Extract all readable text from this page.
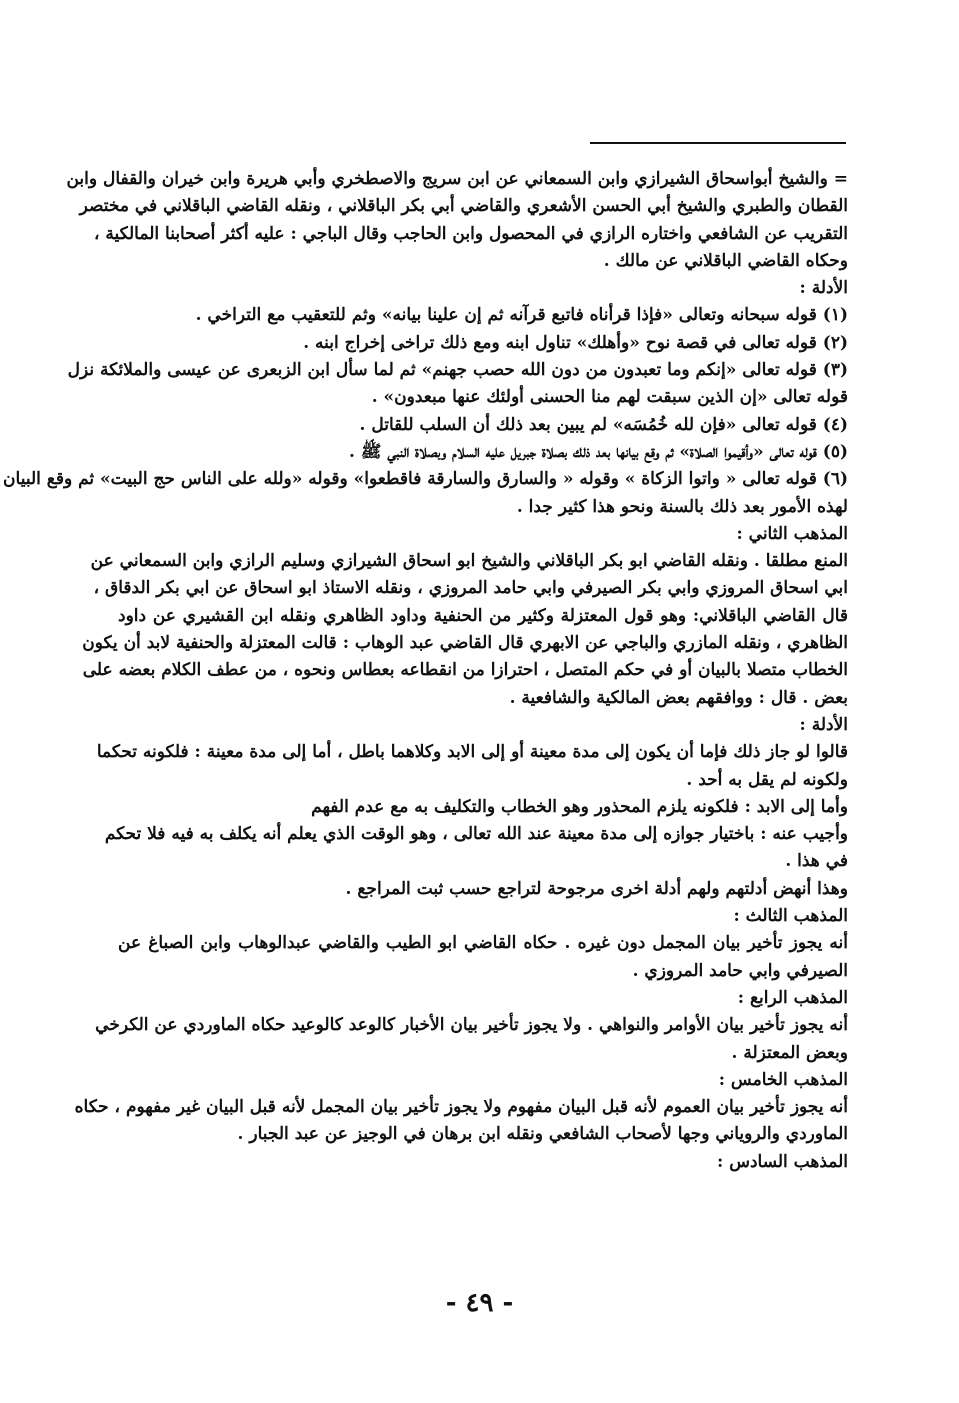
= والشيخ أبواسحاق الشيرازي وابن السمعاني عن ابن سريج والاصطخري وأبي هريرة وابن خيران والقفال وابن
القطان والطبري والشيخ أبي الحسن الأشعري والقاضي أبي بكر الباقلاني ، ونقله القاضي الباقلاني في مختصر
التقريب عن الشافعي واختاره الرازي في المحصول وابن الحاجب وقال الباجي : عليه أكثر أصحابنا المالكية ،
وحكاه القاضي الباقلاني عن مالك .
الأدلة :
(١) قوله سبحانه وتعالى «فإذا قرأناه فاتبع قرآنه ثم إن علينا بيانه» وثم للتعقيب مع التراخي .
(٢) قوله تعالى في قصة نوح «وأهلك» تناول ابنه ومع ذلك تراخى إخراج ابنه .
(٣) قوله تعالى «إنكم وما تعبدون من دون الله حصب جهنم» ثم لما سأل ابن الزبعرى عن عيسى والملائكة نزل
قوله تعالى «إن الذين سبقت لهم منا الحسنى أولئك عنها مبعدون» .
(٤) قوله تعالى «فإن لله خُمُسَه» لم يبين بعد ذلك أن السلب للقاتل .
(٥) قوله تعالى «وأقيموا الصلاة» ثم وقع بيانها بعد ذلك بصلاة جبريل عليه السلام وبصلاة النبي ﷺ .
(٦) قوله تعالى « واتوا الزكاة » وقوله « والسارق والسارقة فاقطعوا» وقوله «ولله على الناس حج البيت» ثم وقع البيان
لهذه الأمور بعد ذلك بالسنة ونحو هذا كثير جدا .
المذهب الثاني :
المنع مطلقا . ونقله القاضي ابو بكر الباقلاني والشيخ ابو اسحاق الشيرازي وسليم الرازي وابن السمعاني عن
ابي اسحاق المروزي وابي بكر الصيرفي وابي حامد المروزي ، ونقله الاستاذ ابو اسحاق عن ابي بكر الدقاق ،
قال القاضي الباقلاني: وهو قول المعتزلة وكثير من الحنفية وداود الظاهري ونقله ابن القشيري عن داود
الظاهري ، ونقله المازري والباجي عن الابهري قال القاضي عبد الوهاب : قالت المعتزلة والحنفية لابد أن يكون
الخطاب متصلا بالبيان أو في حكم المتصل ، احترازا من انقطاعه بعطاس ونحوه ، من عطف الكلام بعضه على
بعض . قال : ووافقهم بعض المالكية والشافعية .
الأدلة :
قالوا لو جاز ذلك فإما أن يكون إلى مدة معينة أو إلى الابد وكلاهما باطل ، أما إلى مدة معينة : فلكونه تحكما
ولكونه لم يقل به أحد .
وأما إلى الابد : فلكونه يلزم المحذور وهو الخطاب والتكليف به مع عدم الفهم
وأجيب عنه : باختيار جوازه إلى مدة معينة عند الله تعالى ، وهو الوقت الذي يعلم أنه يكلف به فيه فلا تحكم
في هذا .
وهذا أنهض أدلتهم ولهم أدلة اخرى مرجوحة لتراجع حسب ثبت المراجع .
المذهب الثالث :
أنه يجوز تأخير بيان المجمل دون غيره . حكاه القاضي ابو الطيب والقاضي عبدالوهاب وابن الصباغ عن
الصيرفي وابي حامد المروزي .
المذهب الرابع :
أنه يجوز تأخير بيان الأوامر والنواهي . ولا يجوز تأخير بيان الأخبار كالوعد كالوعيد حكاه الماوردي عن الكرخي
وبعض المعتزلة .
المذهب الخامس :
أنه يجوز تأخير بيان العموم لأنه قبل البيان مفهوم ولا يجوز تأخير بيان المجمل لأنه قبل البيان غير مفهوم ، حكاه
الماوردي والروياني وجها لأصحاب الشافعي ونقله ابن برهان في الوجيز عن عبد الجبار .
المذهب السادس :
- ٤٩ -
